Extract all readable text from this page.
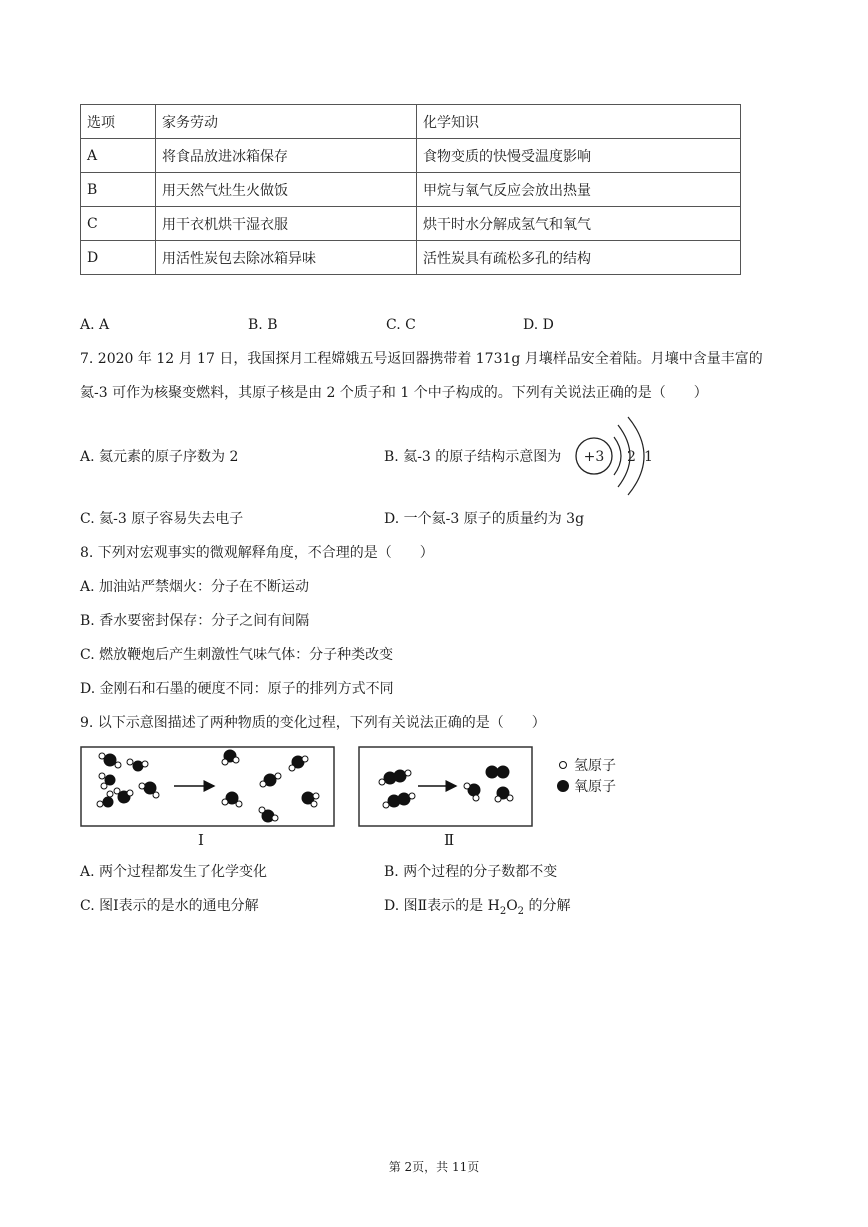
选项	家务劳动	化学知识
A	将食品放进冰箱保存	食物变质的快慢受温度影响
B	用天然气灶生火做饭	甲烷与氧气反应会放出热量
C	用干衣机烘干湿衣服	烘干时水分解成氢气和氧气
D	用活性炭包去除冰箱异味	活性炭具有疏松多孔的结构
A. A	B. B	C. C	D. D
7. 2020 年 12 月 17 日，我国探月工程嫦娥五号返回器携带着 1731g 月壤样品安全着陆。月壤中含量丰富的
氦-3 可作为核聚变燃料，其原子核是由 2 个质子和 1 个中子构成的。下列有关说法正确的是（　　）
A. 氦元素的原子序数为 2	B. 氦-3 的原子结构示意图为 +3 2 1
C. 氦-3 原子容易失去电子	D. 一个氦-3 原子的质量约为 3g
8. 下列对宏观事实的微观解释角度，不合理的是（　　）
A. 加油站严禁烟火：分子在不断运动
B. 香水要密封保存：分子之间有间隔
C. 燃放鞭炮后产生刺激性气味气体：分子种类改变
D. 金刚石和石墨的硬度不同：原子的排列方式不同
9. 以下示意图描述了两种物质的变化过程，下列有关说法正确的是（　　）
Ⅰ	Ⅱ
氢原子
氧原子
A. 两个过程都发生了化学变化	B. 两个过程的分子数都不变
C. 图Ⅰ表示的是水的通电分解	D. 图Ⅱ表示的是 $H_2O_2$ 的分解
第 2页，共 11页
